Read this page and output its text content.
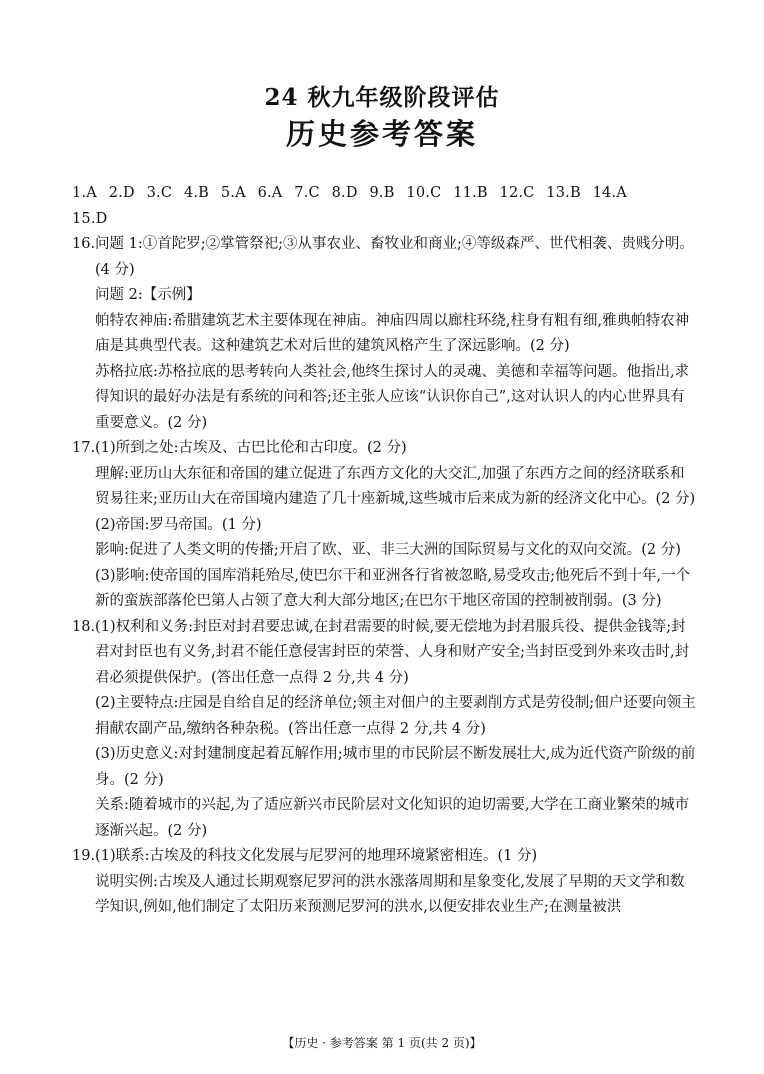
24 秋九年级阶段评估
历史参考答案
1.A 2.D 3.C 4.B 5.A 6.A 7.C 8.D 9.B 10.C 11.B 12.C 13.B 14.A
15.D

16.问题 1:①首陀罗;②掌管祭祀;③从事农业、畜牧业和商业;④等级森严、世代相袭、贵贱分明。(4 分)

问题 2:【示例】

帕特农神庙:希腊建筑艺术主要体现在神庙。神庙四周以廊柱环绕,柱身有粗有细,雅典帕特农神庙是其典型代表。这种建筑艺术对后世的建筑风格产生了深远影响。(2 分)

苏格拉底:苏格拉底的思考转向人类社会,他终生探讨人的灵魂、美德和幸福等问题。他指出,求得知识的最好办法是有系统的问和答;还主张人应该“认识你自己”,这对认识人的内心世界具有重要意义。(2 分)

17.(1)所到之处:古埃及、古巴比伦和古印度。(2 分)

理解:亚历山大东征和帝国的建立促进了东西方文化的大交汇,加强了东西方之间的经济联系和贸易往来;亚历山大在帝国境内建造了几十座新城,这些城市后来成为新的经济文化中心。(2 分)

(2)帝国:罗马帝国。(1 分)

影响:促进了人类文明的传播;开启了欧、亚、非三大洲的国际贸易与文化的双向交流。(2 分)

(3)影响:使帝国的国库消耗殆尽,使巴尔干和亚洲各行省被忽略,易受攻击;他死后不到十年,一个新的蛮族部落伦巴第人占领了意大利大部分地区;在巴尔干地区帝国的控制被削弱。(3 分)

18.(1)权利和义务:封臣对封君要忠诚,在封君需要的时候,要无偿地为封君服兵役、提供金钱等;封君对封臣也有义务,封君不能任意侵害封臣的荣誉、人身和财产安全;当封臣受到外来攻击时,封君必须提供保护。(答出任意一点得 2 分,共 4 分)

(2)主要特点:庄园是自给自足的经济单位;领主对佃户的主要剥削方式是劳役制;佃户还要向领主捐献农副产品,缴纳各种杂税。(答出任意一点得 2 分,共 4 分)

(3)历史意义:对封建制度起着瓦解作用;城市里的市民阶层不断发展壮大,成为近代资产阶级的前身。(2 分)

关系:随着城市的兴起,为了适应新兴市民阶层对文化知识的迫切需要,大学在工商业繁荣的城市逐渐兴起。(2 分)

19.(1)联系:古埃及的科技文化发展与尼罗河的地理环境紧密相连。(1 分)

说明实例:古埃及人通过长期观察尼罗河的洪水涨落周期和星象变化,发展了早期的天文学和数学知识,例如,他们制定了太阳历来预测尼罗河的洪水,以便安排农业生产;在测量被洪

【历史 · 参考答案 第 1 页(共 2 页)】
